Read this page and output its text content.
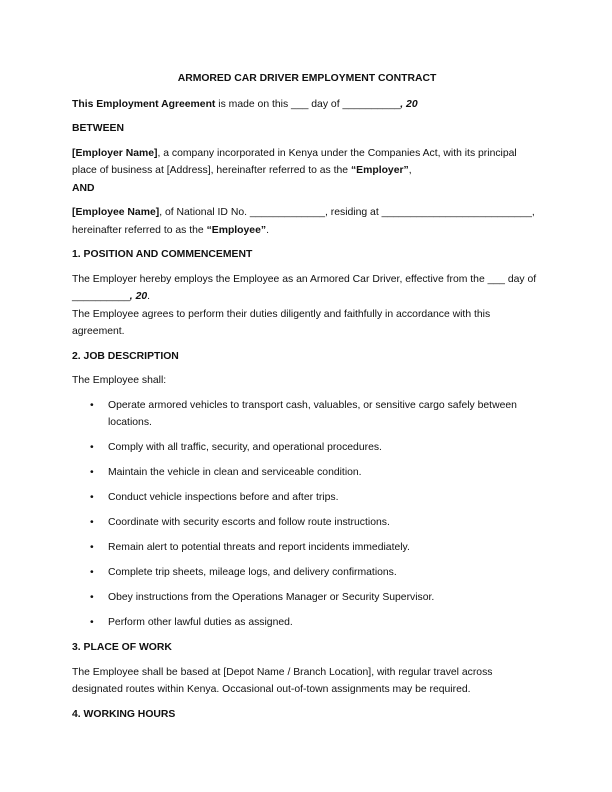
ARMORED CAR DRIVER EMPLOYMENT CONTRACT
This Employment Agreement is made on this ___ day of __________, 20
BETWEEN
[Employer Name], a company incorporated in Kenya under the Companies Act, with its principal place of business at [Address], hereinafter referred to as the “Employer”,
AND
[Employee Name], of National ID No. _____________, residing at __________________________, hereinafter referred to as the “Employee”.
1. POSITION AND COMMENCEMENT
The Employer hereby employs the Employee as an Armored Car Driver, effective from the ___ day of __________, 20.
The Employee agrees to perform their duties diligently and faithfully in accordance with this agreement.
2. JOB DESCRIPTION
The Employee shall:
• Operate armored vehicles to transport cash, valuables, or sensitive cargo safely between locations.
• Comply with all traffic, security, and operational procedures.
• Maintain the vehicle in clean and serviceable condition.
• Conduct vehicle inspections before and after trips.
• Coordinate with security escorts and follow route instructions.
• Remain alert to potential threats and report incidents immediately.
• Complete trip sheets, mileage logs, and delivery confirmations.
• Obey instructions from the Operations Manager or Security Supervisor.
• Perform other lawful duties as assigned.
3. PLACE OF WORK
The Employee shall be based at [Depot Name / Branch Location], with regular travel across designated routes within Kenya. Occasional out-of-town assignments may be required.
4. WORKING HOURS
